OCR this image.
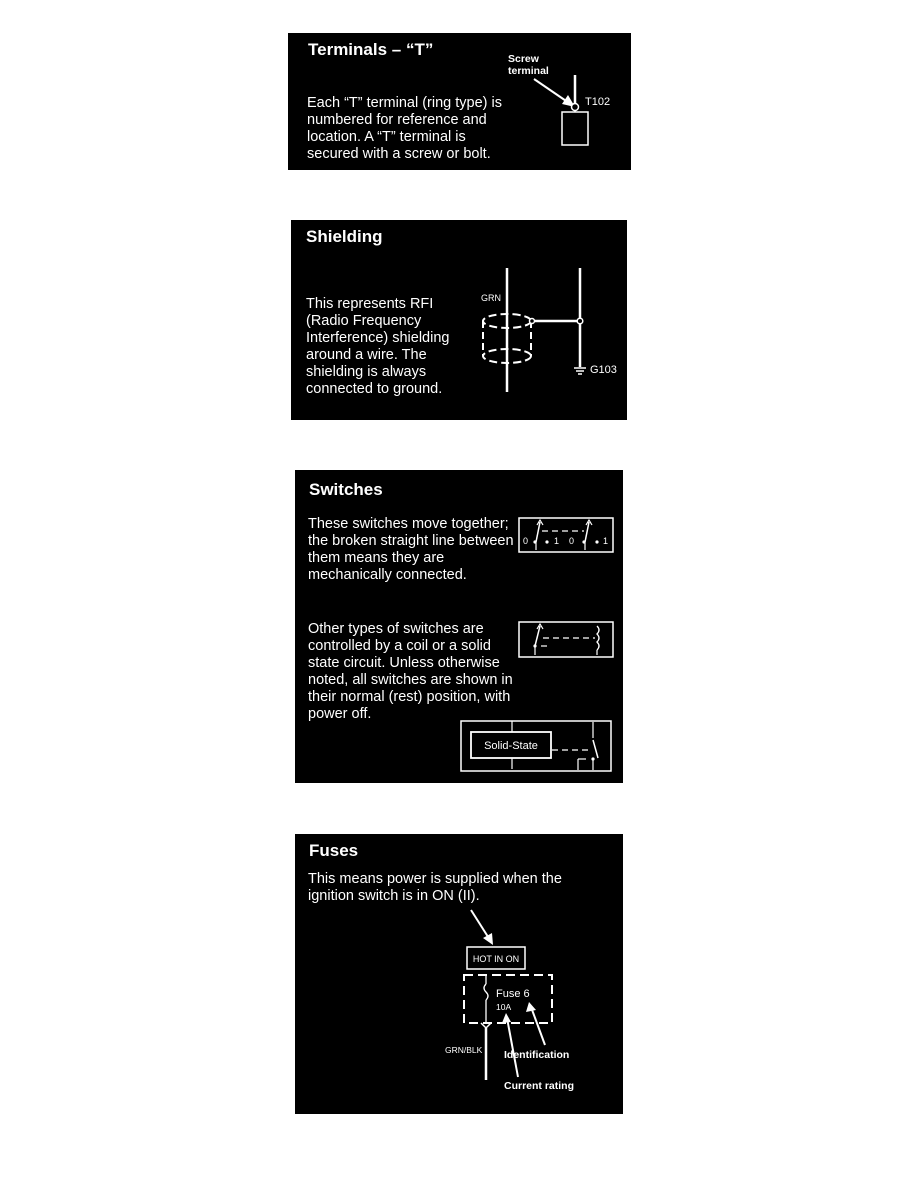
Terminals – “T”
Each “T” terminal (ring type) is numbered for reference and location. A “T” terminal is secured with a screw or bolt.
Screw
terminal
T102
Shielding
This represents RFI (Radio Frequency Interference) shielding around a wire. The shielding is always connected to ground.
GRN
G103
Switches
These switches move together; the broken straight line between them means they are mechanically connected.
Other types of switches are controlled by a coil or a solid state circuit. Unless otherwise noted, all switches are shown in their normal (rest) position, with power off.
0	1 0	1
Solid-State
Fuses
This means power is supplied when the ignition switch is in ON (II).
HOT IN ON
Fuse 6
10A
GRN/BLK Identification
Current rating
